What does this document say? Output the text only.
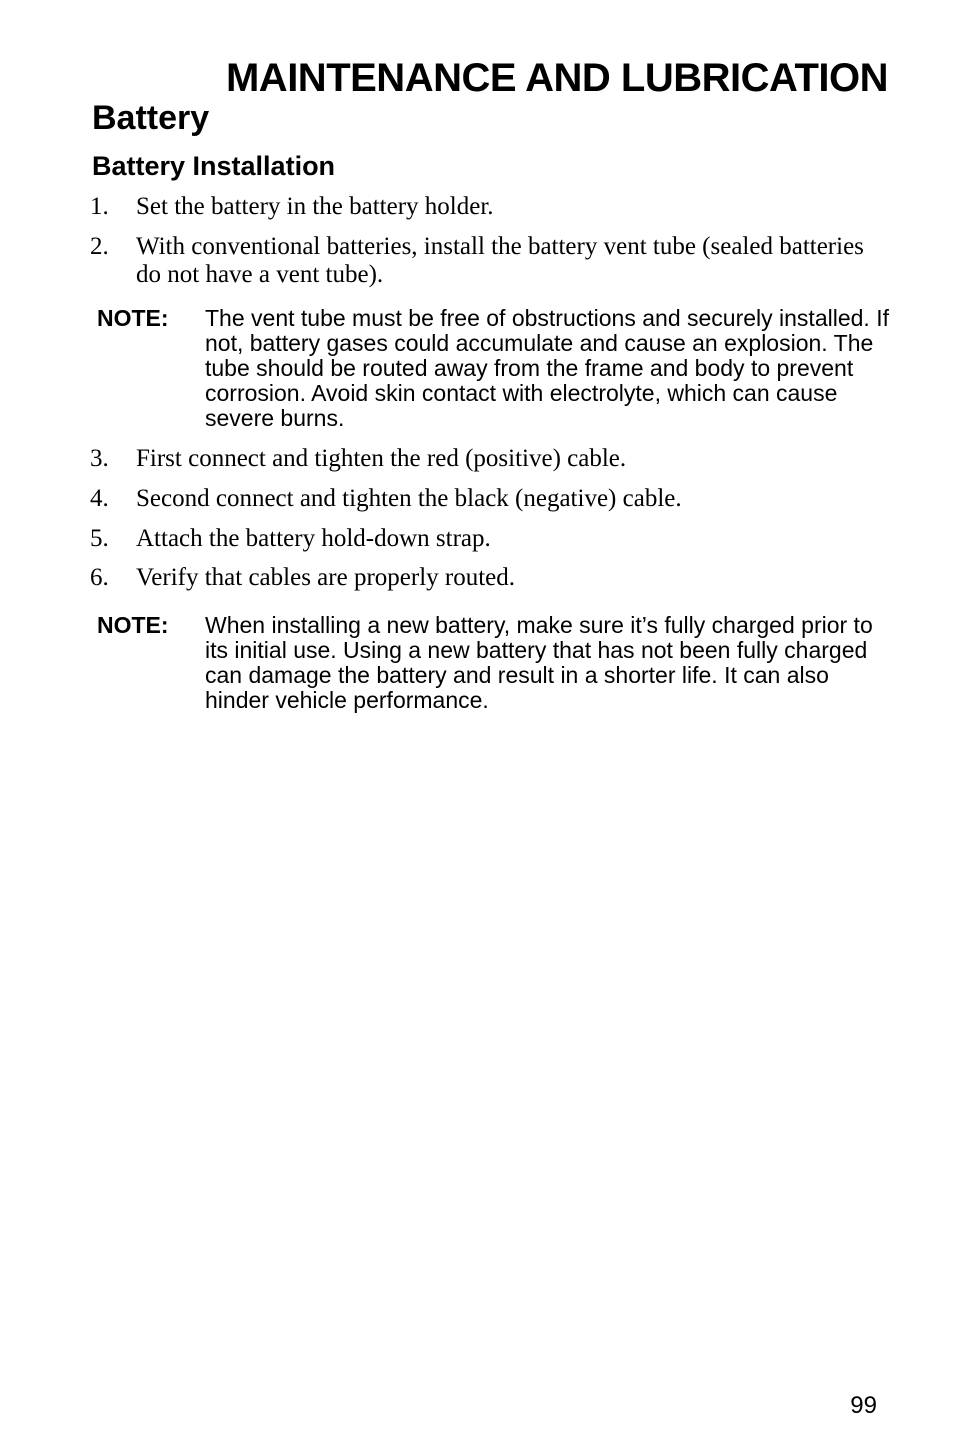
MAINTENANCE AND LUBRICATION
Battery
Battery Installation
1. Set the battery in the battery holder.
2. With conventional batteries, install the battery vent tube (sealed batteries do not have a vent tube).
NOTE: The vent tube must be free of obstructions and securely installed. If not, battery gases could accumulate and cause an explosion. The tube should be routed away from the frame and body to prevent corrosion. Avoid skin contact with electrolyte, which can cause severe burns.
3. First connect and tighten the red (positive) cable.
4. Second connect and tighten the black (negative) cable.
5. Attach the battery hold-down strap.
6. Verify that cables are properly routed.
NOTE: When installing a new battery, make sure it’s fully charged prior to its initial use. Using a new battery that has not been fully charged can damage the battery and result in a shorter life. It can also hinder vehicle performance.
99
